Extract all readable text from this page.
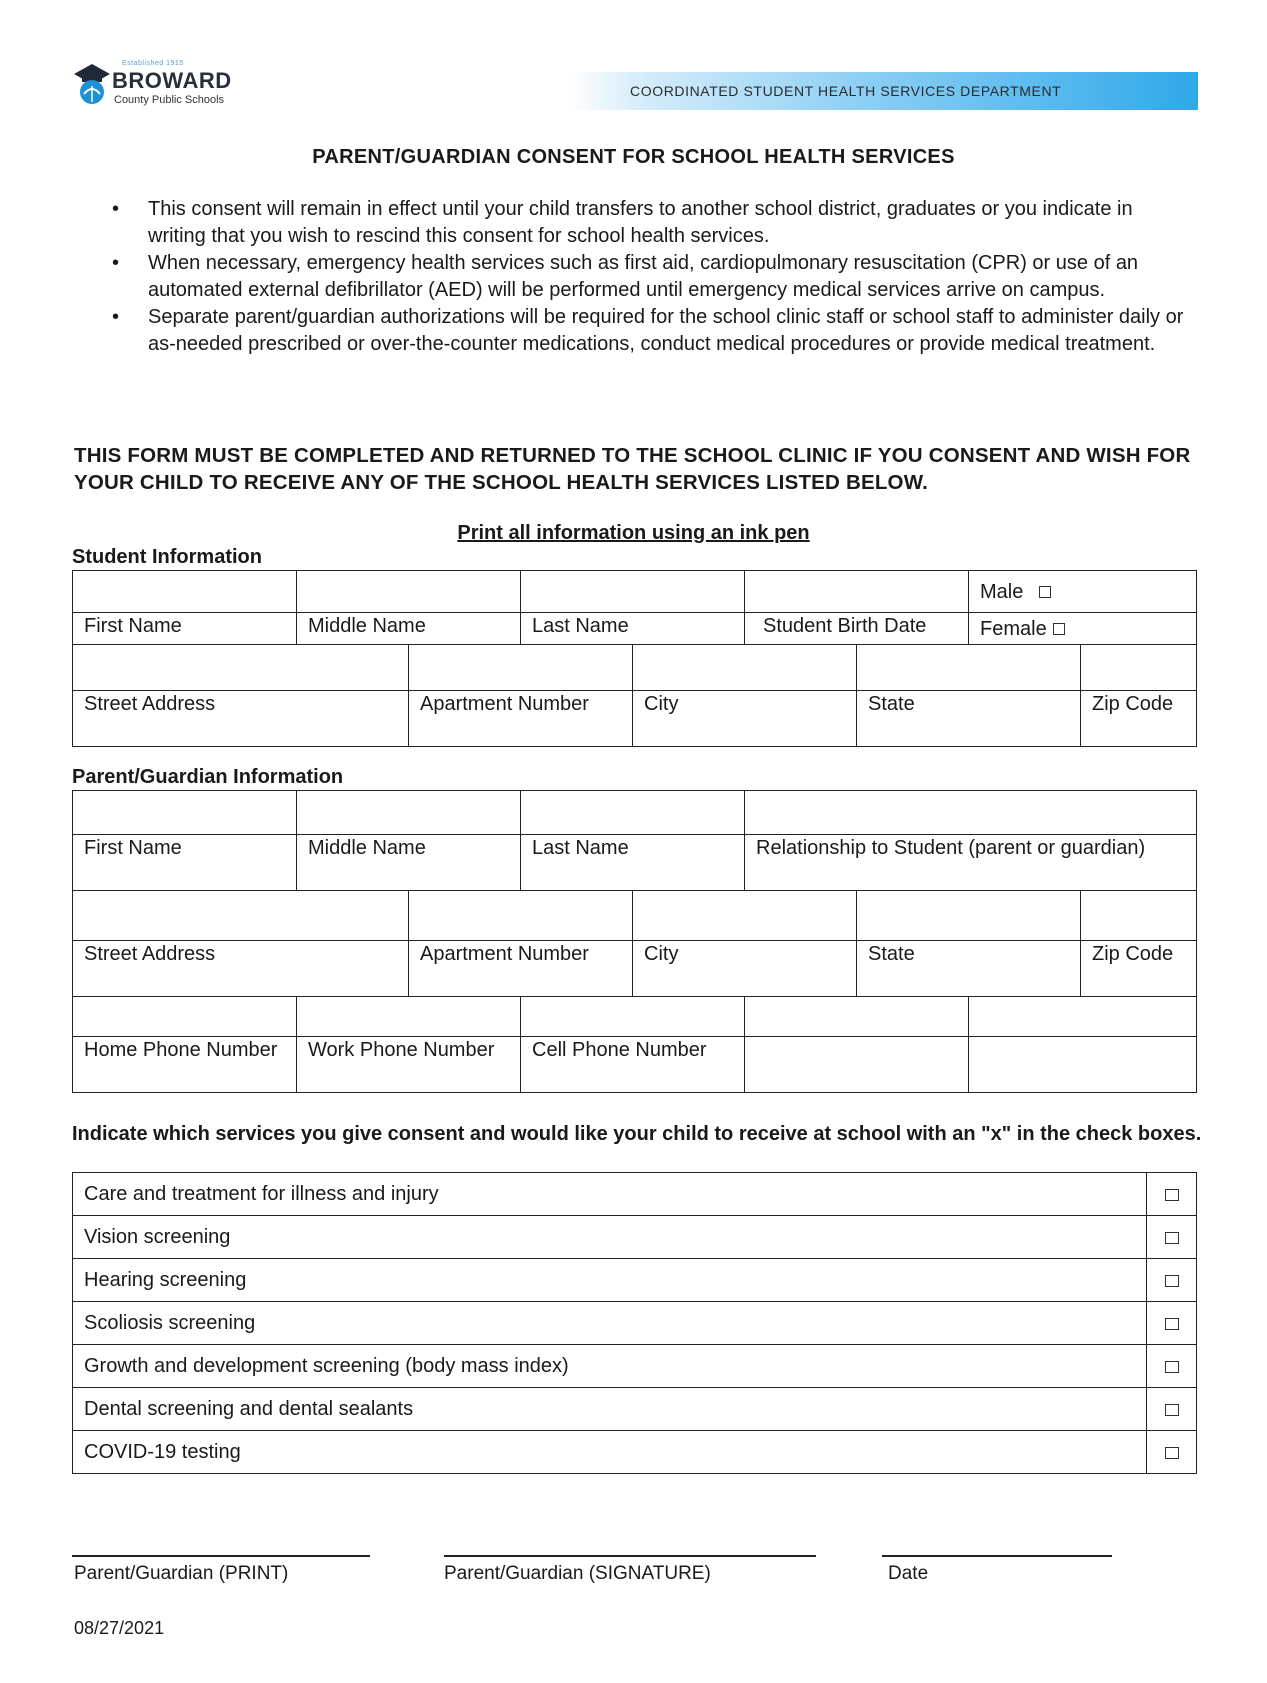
Established 1915
BROWARD
County Public Schools
COORDINATED STUDENT HEALTH SERVICES DEPARTMENT
PARENT/GUARDIAN CONSENT FOR SCHOOL HEALTH SERVICES
• This consent will remain in effect until your child transfers to another school district, graduates or you indicate in writing that you wish to rescind this consent for school health services.
• When necessary, emergency health services such as first aid, cardiopulmonary resuscitation (CPR) or use of an automated external defibrillator (AED) will be performed until emergency medical services arrive on campus.
• Separate parent/guardian authorizations will be required for the school clinic staff or school staff to administer daily or as-needed prescribed or over-the-counter medications, conduct medical procedures or provide medical treatment.
THIS FORM MUST BE COMPLETED AND RETURNED TO THE SCHOOL CLINIC IF YOU CONSENT AND WISH FOR YOUR CHILD TO RECEIVE ANY OF THE SCHOOL HEALTH SERVICES LISTED BELOW.
Print all information using an ink pen
Student Information
				Male
First Name	Middle Name	Last Name	Student Birth Date	Female

Street Address	Apartment Number	City	State	Zip Code
Parent/Guardian Information

First Name	Middle Name	Last Name	Relationship to Student (parent or guardian)

Street Address	Apartment Number	City	State	Zip Code

Home Phone Number	Work Phone Number	Cell Phone Number		
Indicate which services you give consent and would like your child to receive at school with an "x" in the check boxes.
Care and treatment for illness and injury	
Vision screening	
Hearing screening	
Scoliosis screening	
Growth and development screening (body mass index)	
Dental screening and dental sealants	
COVID-19 testing	
Parent/Guardian (PRINT)	Parent/Guardian (SIGNATURE)	Date
08/27/2021
